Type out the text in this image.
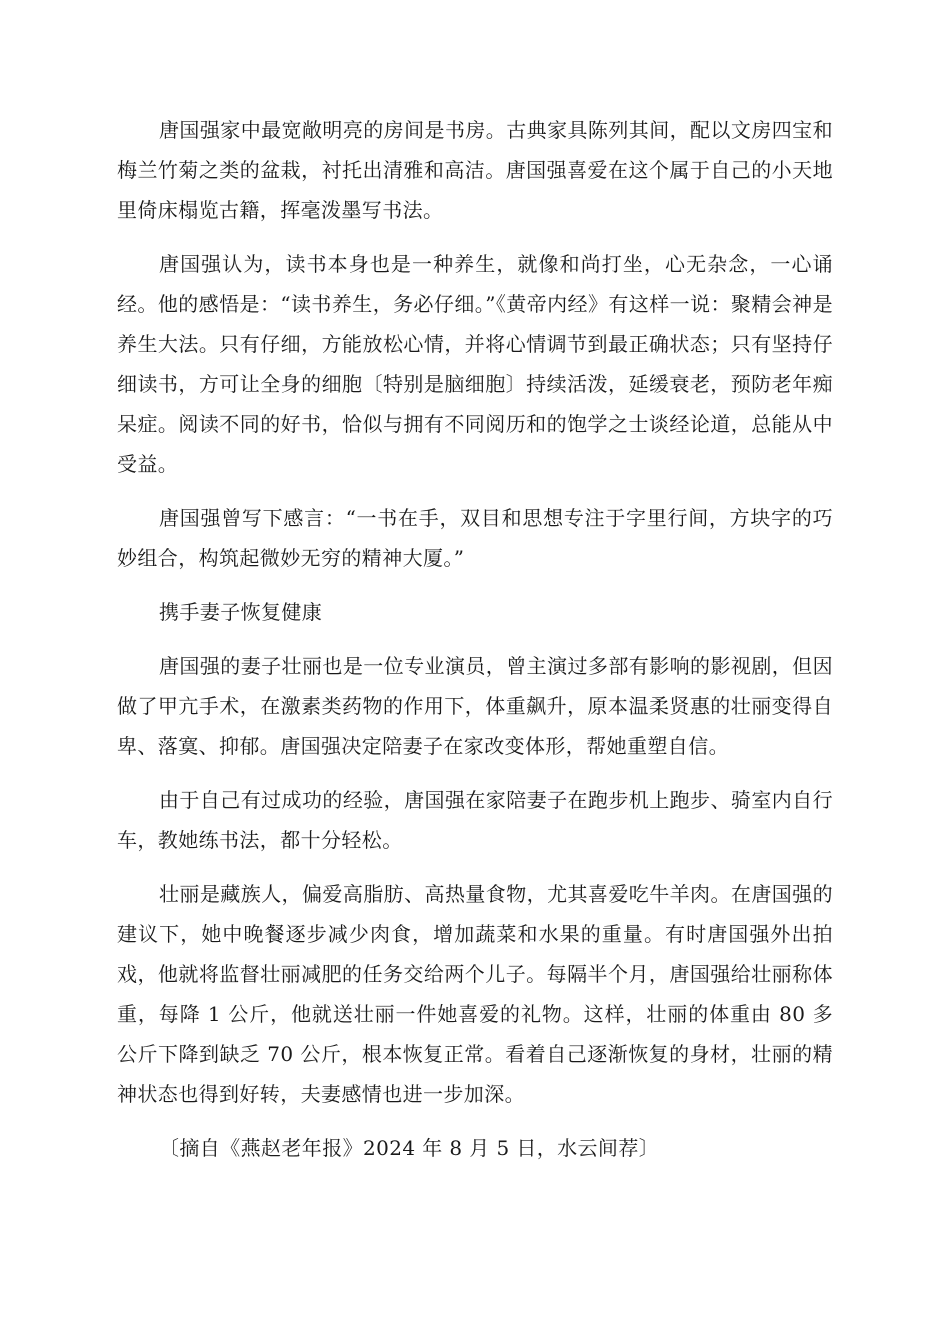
唐国强家中最宽敞明亮的房间是书房。古典家具陈列其间，配以文房四宝和梅兰竹菊之类的盆栽，衬托出清雅和高洁。唐国强喜爱在这个属于自己的小天地里倚床榻览古籍，挥毫泼墨写书法。

唐国强认为，读书本身也是一种养生，就像和尚打坐，心无杂念，一心诵经。他的感悟是：“读书养生，务必仔细。”《黄帝内经》有这样一说：聚精会神是养生大法。只有仔细，方能放松心情，并将心情调节到最正确状态；只有坚持仔细读书，方可让全身的细胞〔特别是脑细胞〕持续活泼，延缓衰老，预防老年痴呆症。阅读不同的好书，恰似与拥有不同阅历和的饱学之士谈经论道，总能从中受益。

唐国强曾写下感言：“一书在手，双目和思想专注于字里行间，方块字的巧妙组合，构筑起微妙无穷的精神大厦。”

携手妻子恢复健康

唐国强的妻子壮丽也是一位专业演员，曾主演过多部有影响的影视剧，但因做了甲亢手术，在激素类药物的作用下，体重飙升，原本温柔贤惠的壮丽变得自卑、落寞、抑郁。唐国强决定陪妻子在家改变体形，帮她重塑自信。

由于自己有过成功的经验，唐国强在家陪妻子在跑步机上跑步、骑室内自行车，教她练书法，都十分轻松。

壮丽是藏族人，偏爱高脂肪、高热量食物，尤其喜爱吃牛羊肉。在唐国强的建议下，她中晚餐逐步减少肉食，增加蔬菜和水果的重量。有时唐国强外出拍戏，他就将监督壮丽减肥的任务交给两个儿子。每隔半个月，唐国强给壮丽称体重，每降 1 公斤，他就送壮丽一件她喜爱的礼物。这样，壮丽的体重由 80 多公斤下降到缺乏 70 公斤，根本恢复正常。看着自己逐渐恢复的身材，壮丽的精神状态也得到好转，夫妻感情也进一步加深。

〔摘自《燕赵老年报》2024 年 8 月 5 日，水云间荐〕
